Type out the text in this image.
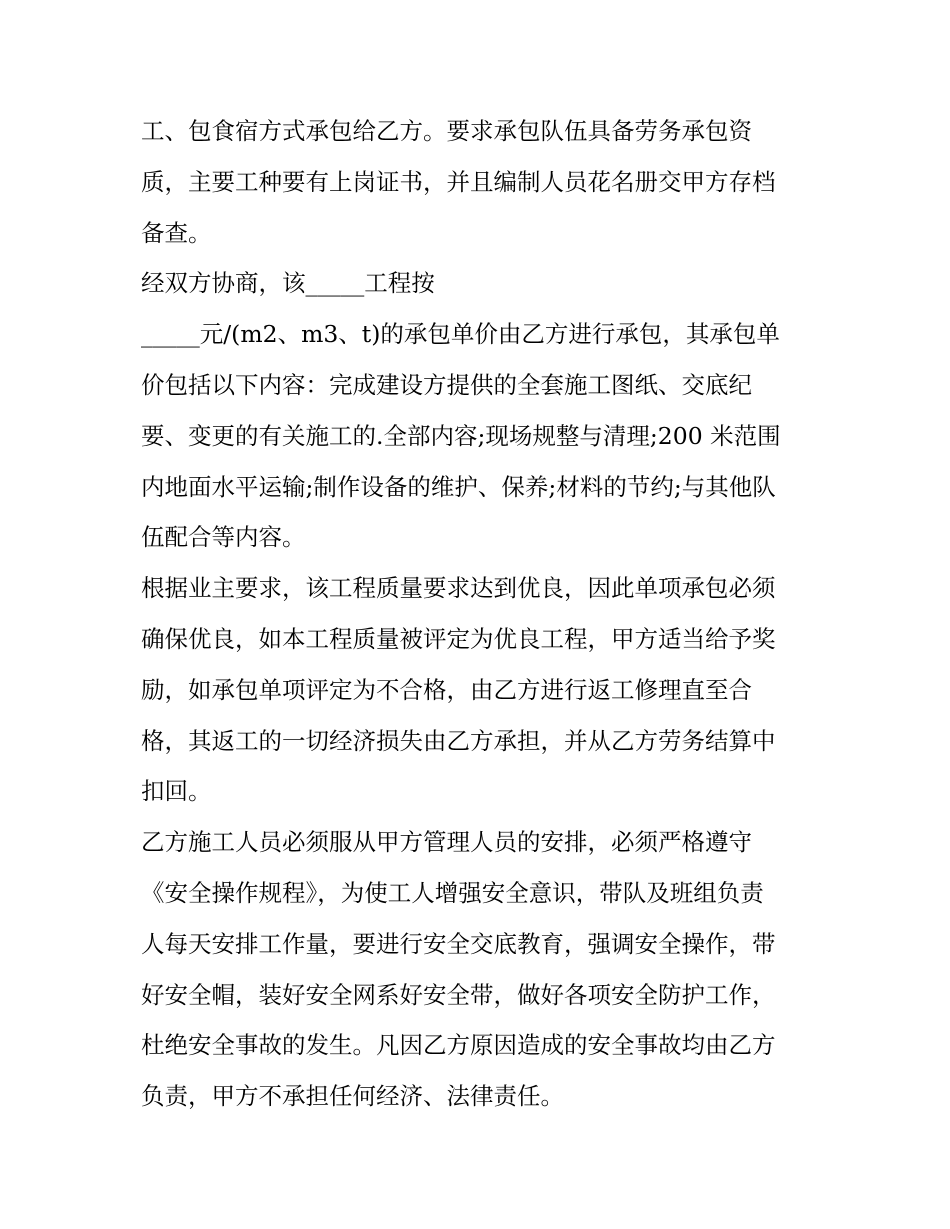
工、包食宿方式承包给乙方。要求承包队伍具备劳务承包资
质，主要工种要有上岗证书，并且编制人员花名册交甲方存档
备查。
经双方协商，该_____工程按
_____元/(m2、m3、t)的承包单价由乙方进行承包，其承包单
价包括以下内容：完成建设方提供的全套施工图纸、交底纪
要、变更的有关施工的.全部内容;现场规整与清理;200 米范围
内地面水平运输;制作设备的维护、保养;材料的节约;与其他队
伍配合等内容。
根据业主要求，该工程质量要求达到优良，因此单项承包必须
确保优良，如本工程质量被评定为优良工程，甲方适当给予奖
励，如承包单项评定为不合格，由乙方进行返工修理直至合
格，其返工的一切经济损失由乙方承担，并从乙方劳务结算中
扣回。
乙方施工人员必须服从甲方管理人员的安排，必须严格遵守
《安全操作规程》，为使工人增强安全意识，带队及班组负责
人每天安排工作量，要进行安全交底教育，强调安全操作，带
好安全帽，装好安全网系好安全带，做好各项安全防护工作，
杜绝安全事故的发生。凡因乙方原因造成的安全事故均由乙方
负责，甲方不承担任何经济、法律责任。
